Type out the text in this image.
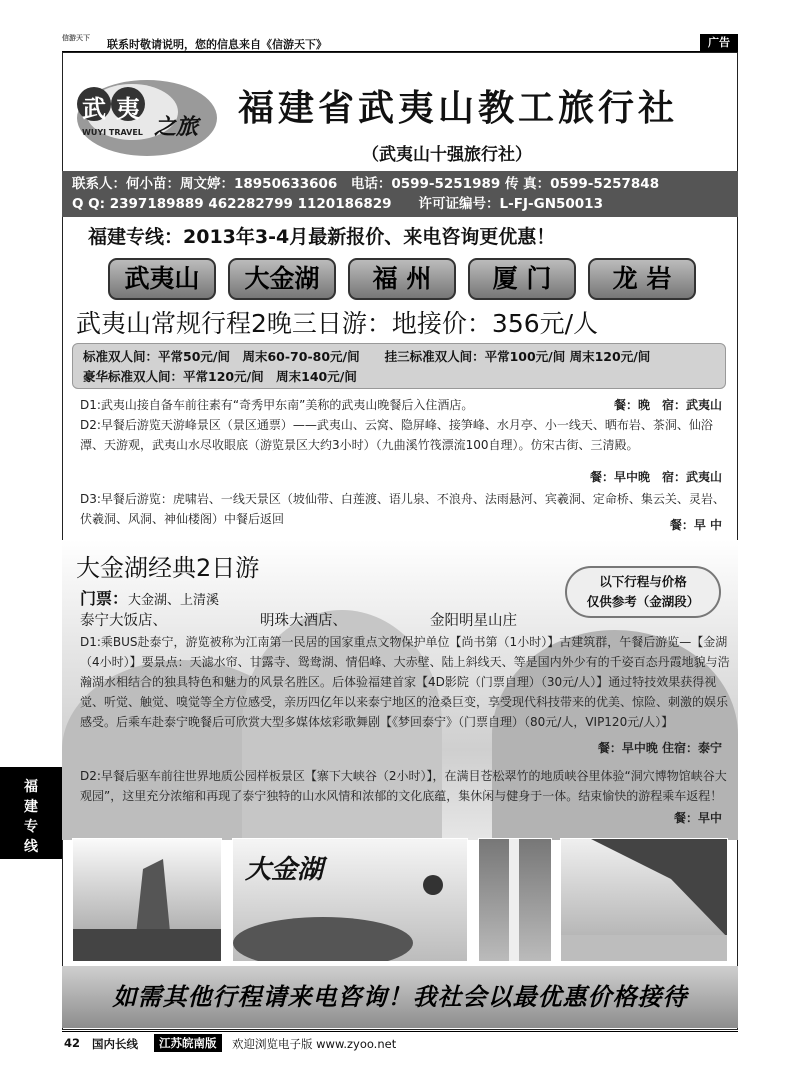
信游天下	联系时敬请说明，您的信息来自《信游天下》	广告
武 夷
之旅
WUYI TRAVEL
福建省武夷山教工旅行社
（武夷山十强旅行社）
联系人：何小苗：周文婷：18950633606　电话：0599-5251989 传 真：0599-5257848
Q Q: 2397189889 462282799 1120186829　　许可证编号：L-FJ-GN50013
福建专线：2013年3-4月最新报价、来电咨询更优惠！
武夷山	大金湖	福 州	厦 门	龙 岩
武夷山常规行程2晚三日游：地接价：356元/人
标准双人间：平常50元/间　周末60-70-80元/间　　挂三标准双人间：平常100元/间 周末120元/间
豪华标准双人间：平常120元/间　周末140元/间
D1:武夷山接自备车前往素有“奇秀甲东南”美称的武夷山晚餐后入住酒店。	餐：晚　宿：武夷山
D2:早餐后游览天游峰景区（景区通票）——武夷山、云窝、隐屏峰、接笋峰、水月亭、小一线天、晒布岩、茶洞、仙浴潭、天游观，武夷山水尽收眼底（游览景区大约3小时）（九曲溪竹筏漂流100自理）。仿宋古街、三清殿。
餐：早中晚　宿：武夷山
D3:早餐后游览：虎啸岩、一线天景区（坡仙带、白莲渡、语儿泉、不浪舟、法雨悬河、宾羲洞、定命桥、集云关、灵岩、伏羲洞、风洞、神仙楼阁）中餐后返回	餐：早 中
大金湖经典2日游
门票：大金湖、上清溪
泰宁大饭店、	明珠大酒店、	金阳明星山庄
以下行程与价格
仅供参考（金湖段）
D1:乘BUS赴泰宁，游览被称为江南第一民居的国家重点文物保护单位【尚书第（1小时）】古建筑群，午餐后游览—【金湖（4小时）】要景点：天滤水帘、甘露寺、鸳鸯湖、情侣峰、大赤壁、陆上斜线天、等是国内外少有的千姿百态丹霞地貌与浩瀚湖水相结合的独具特色和魅力的风景名胜区。后体验福建首家【4D影院（门票自理）（30元/人）】通过特技效果获得视觉、听觉、触觉、嗅觉等全方位感受，亲历四亿年以来泰宁地区的沧桑巨变，享受现代科技带来的优美、惊险、刺激的娱乐感受。后乘车赴泰宁晚餐后可欣赏大型多媒体炫彩歌舞剧【《梦回泰宁》（门票自理）（80元/人，VIP120元/人）】
餐：早中晚 住宿：泰宁
D2:早餐后驱车前往世界地质公园样板景区【寨下大峡谷（2小时）】，在满目苍松翠竹的地质峡谷里体验“洞穴博物馆峡谷大观园”，这里充分浓缩和再现了泰宁独特的山水风情和浓郁的文化底蕴，集休闲与健身于一体。结束愉快的游程乘车返程！
餐：早中
大金湖
如需其他行程请来电咨询！我社会以最优惠价格接待
福
建
专
线
42 国内长线	江苏皖南版	欢迎浏览电子版 www.zyoo.net
